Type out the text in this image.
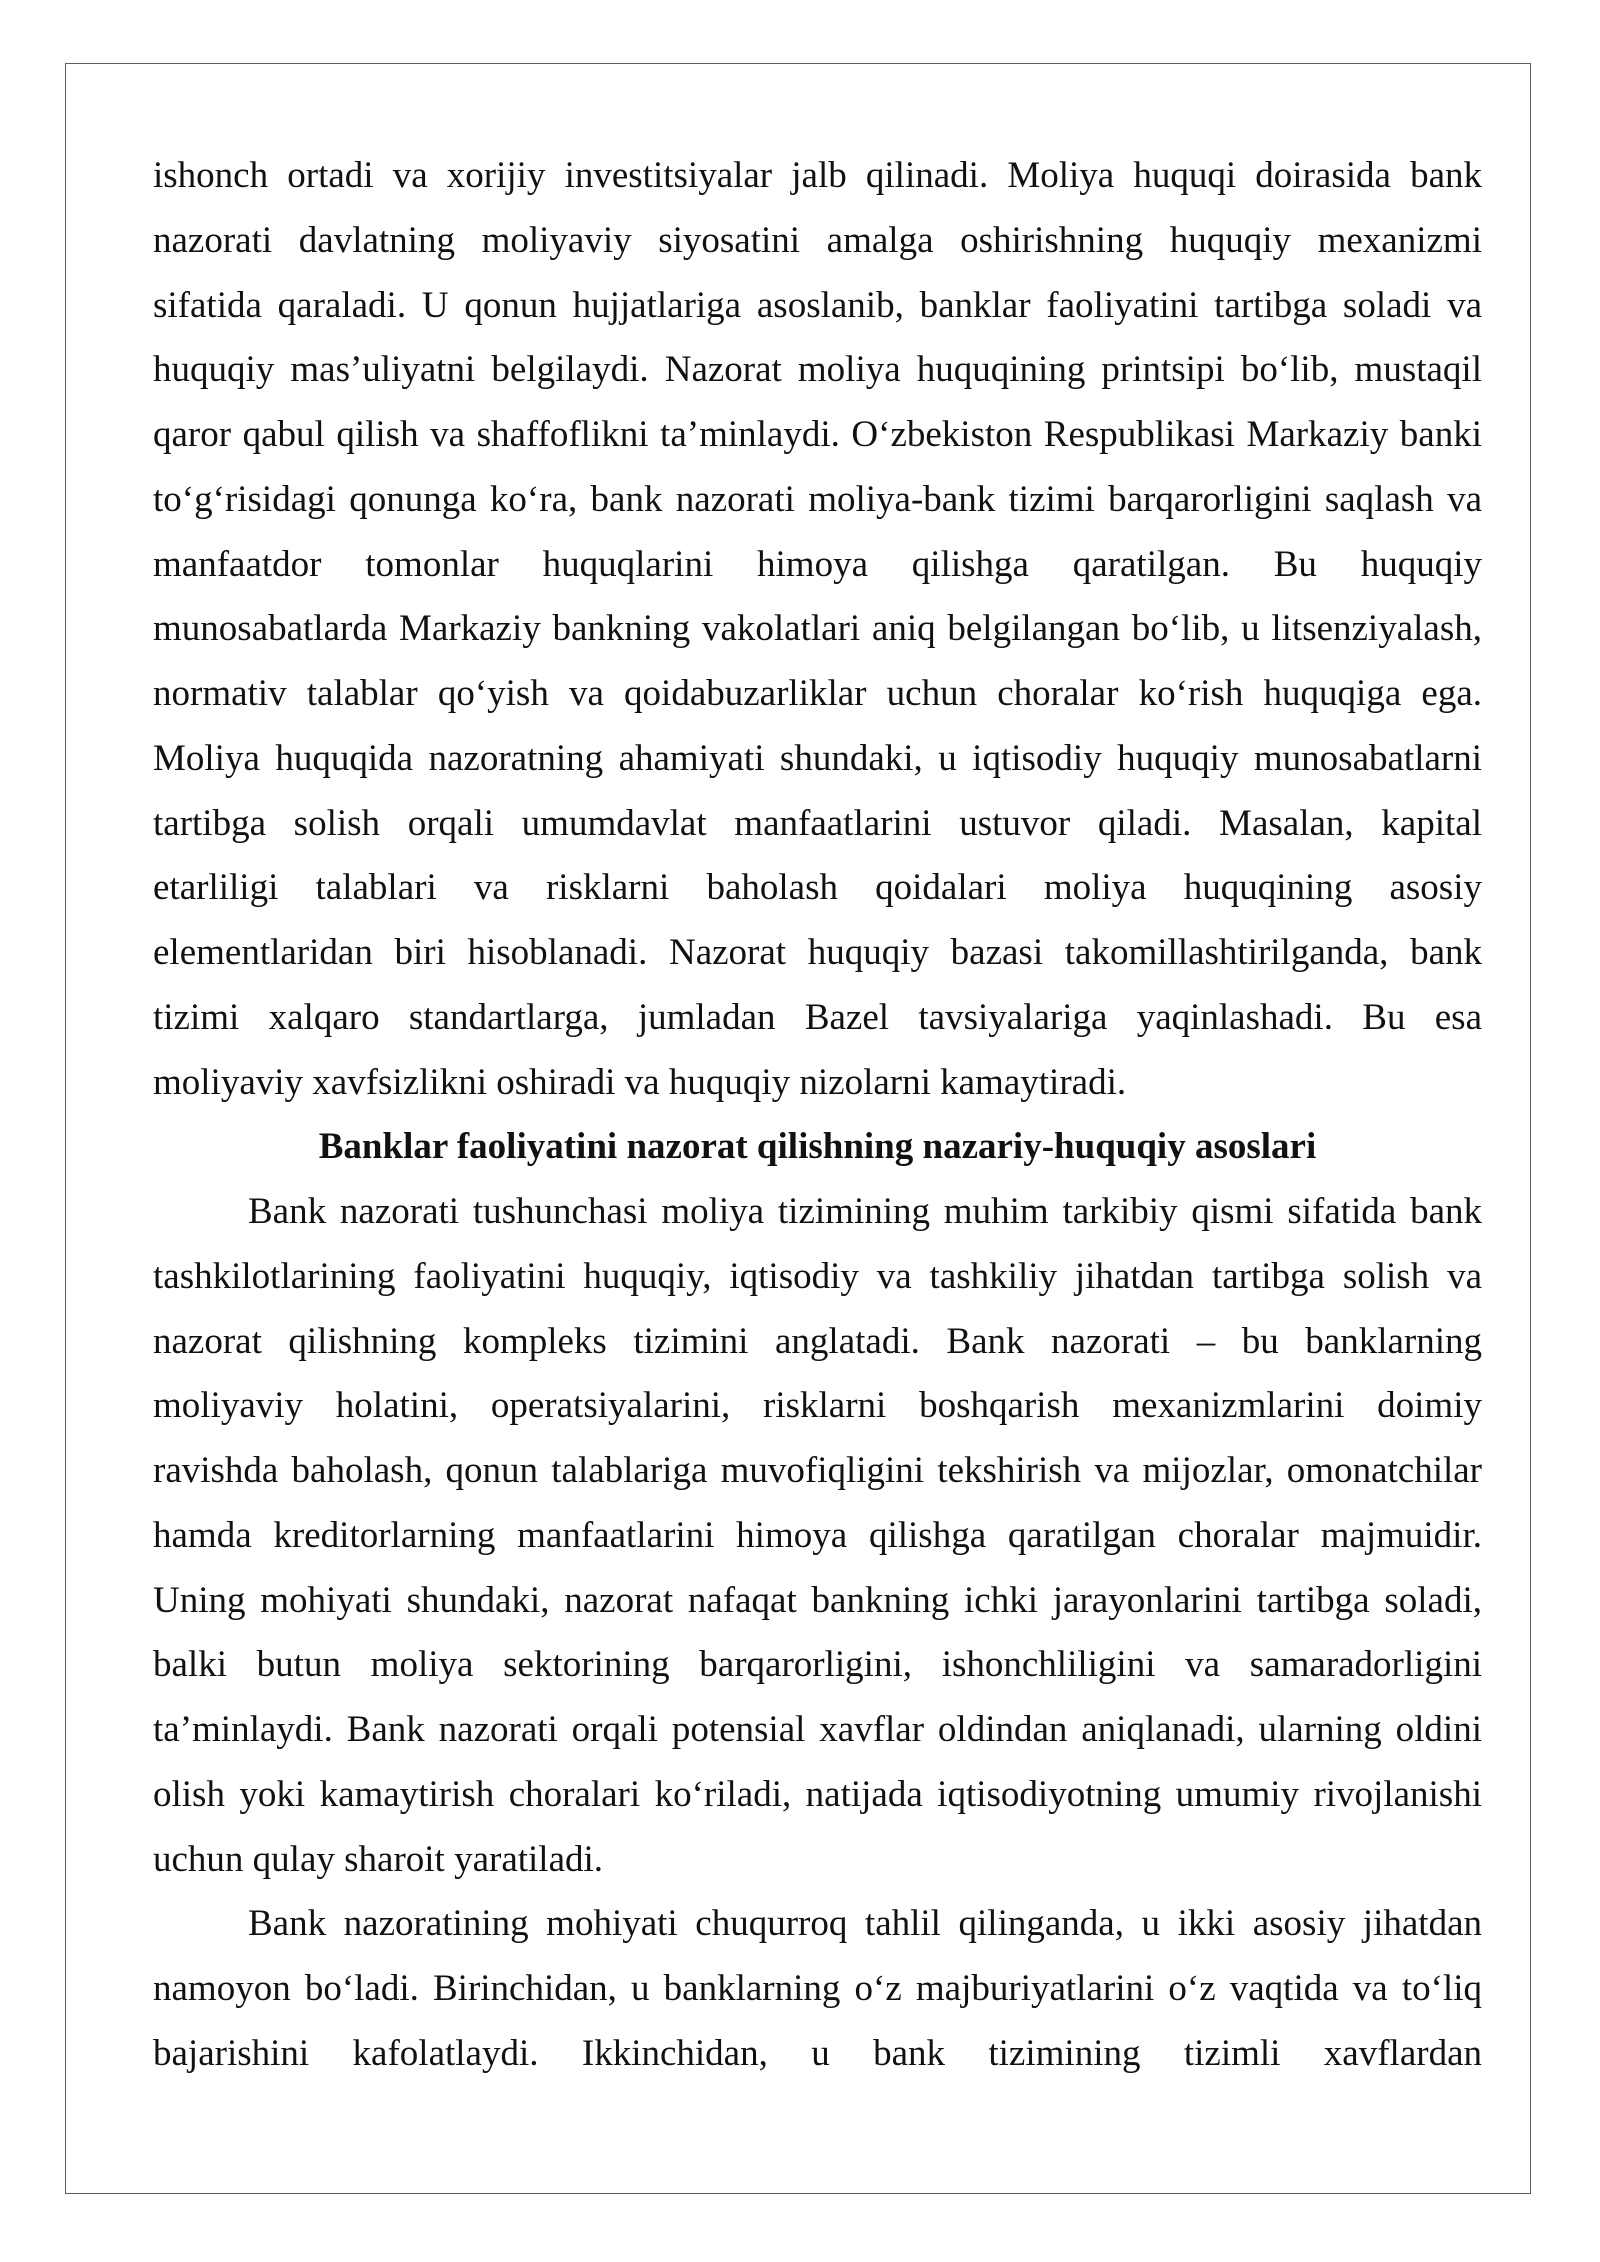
ishonch ortadi va xorijiy investitsiyalar jalb qilinadi. Moliya huquqi doirasida bank
nazorati davlatning moliyaviy siyosatini amalga oshirishning huquqiy mexanizmi
sifatida qaraladi. U qonun hujjatlariga asoslanib, banklar faoliyatini tartibga soladi va
huquqiy mas’uliyatni belgilaydi. Nazorat moliya huquqining printsipi bo‘lib, mustaqil
qaror qabul qilish va shaffoflikni ta’minlaydi. O‘zbekiston Respublikasi Markaziy banki
to‘g‘risidagi qonunga ko‘ra, bank nazorati moliya-bank tizimi barqarorligini saqlash va
manfaatdor tomonlar huquqlarini himoya qilishga qaratilgan. Bu huquqiy
munosabatlarda Markaziy bankning vakolatlari aniq belgilangan bo‘lib, u litsenziyalash,
normativ talablar qo‘yish va qoidabuzarliklar uchun choralar ko‘rish huquqiga ega.
Moliya huquqida nazoratning ahamiyati shundaki, u iqtisodiy huquqiy munosabatlarni
tartibga solish orqali umumdavlat manfaatlarini ustuvor qiladi. Masalan, kapital
etarliligi talablari va risklarni baholash qoidalari moliya huquqining asosiy
elementlaridan biri hisoblanadi. Nazorat huquqiy bazasi takomillashtirilganda, bank
tizimi xalqaro standartlarga, jumladan Bazel tavsiyalariga yaqinlashadi. Bu esa
moliyaviy xavfsizlikni oshiradi va huquqiy nizolarni kamaytiradi.
Banklar faoliyatini nazorat qilishning nazariy-huquqiy asoslari
Bank nazorati tushunchasi moliya tizimining muhim tarkibiy qismi sifatida bank
tashkilotlarining faoliyatini huquqiy, iqtisodiy va tashkiliy jihatdan tartibga solish va
nazorat qilishning kompleks tizimini anglatadi. Bank nazorati – bu banklarning
moliyaviy holatini, operatsiyalarini, risklarni boshqarish mexanizmlarini doimiy
ravishda baholash, qonun talablariga muvofiqligini tekshirish va mijozlar, omonatchilar
hamda kreditorlarning manfaatlarini himoya qilishga qaratilgan choralar majmuidir.
Uning mohiyati shundaki, nazorat nafaqat bankning ichki jarayonlarini tartibga soladi,
balki butun moliya sektorining barqarorligini, ishonchliligini va samaradorligini
ta’minlaydi. Bank nazorati orqali potensial xavflar oldindan aniqlanadi, ularning oldini
olish yoki kamaytirish choralari ko‘riladi, natijada iqtisodiyotning umumiy rivojlanishi
uchun qulay sharoit yaratiladi.
Bank nazoratining mohiyati chuqurroq tahlil qilinganda, u ikki asosiy jihatdan
namoyon bo‘ladi. Birinchidan, u banklarning o‘z majburiyatlarini o‘z vaqtida va to‘liq
bajarishini kafolatlaydi. Ikkinchidan, u bank tizimining tizimli xavflardan
